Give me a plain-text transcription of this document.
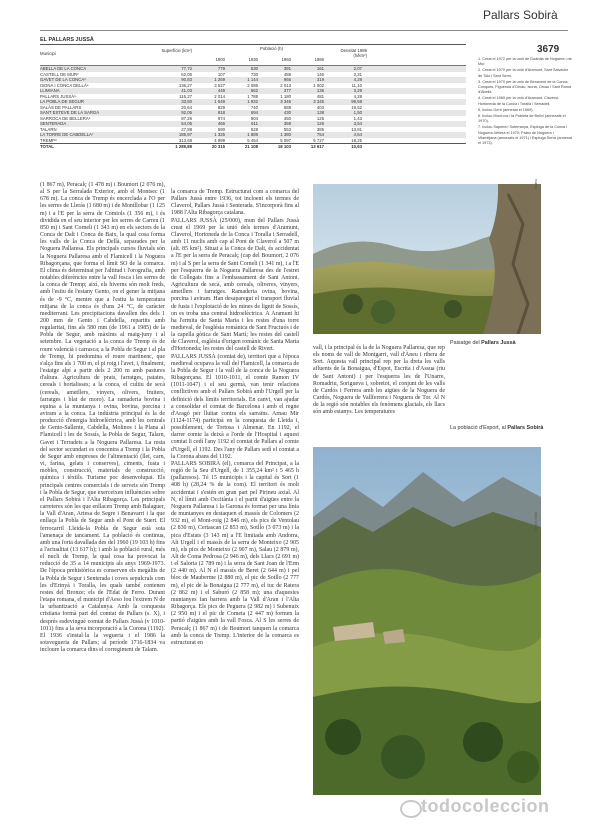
Pallars Sobirà
3679
EL PALLARS JUSSÀ
Municipi
Superfície (km²)	Població (h)
1900	1930	1960	1986
Densitat 1986 (h/km²)
ABELLA DE LA CONCA	77,72	779	530	391	161	2,07
CASTELL DE MUR²	62,05	107	730	488	146	2,31
GAVET DE LA CONCA³	90,83	1 269	1 144	966	319	4,29
ISONA I CONCA DELLÀ⁴	136,27	3 527	2 086	2 013	1 002	11,10
LLIMIANA	41,03	449	562	377	135	3,29
PALLARS JUSSÀ⁵	116,27	2 014	1 788	1 180	481	4,28
LA POBLA DE SEGUR	33,50	1 549	1 932	3 346	3 345	99,58
SALÀS DE PALLARS	20,64	829	740	688	403	19,52
SANT ESTEVE DE LA SARGA	92,05	818	694	430	138	1,50
SARROCA DE BELLERA⁶	87,26	974	904	450	125	1,43
SENTERADA	54,05	466	611	359	126	3,54
TALARN	27,88	590	528	553	385	13,81
LA TORRE DE CABDELLA⁷	185,97	1 325	1 889	1 380	754	4,54
TREMP⁸	313,68	4 899	5 454	5 097	5 727	18,25
TOTAL	1 289,89	20 315	21 108	18 103	13 617	10,63

1. Creat el 1972 per la unió de Guàrdia de Noguera i de Mur.

2. Creat el 1970 per la unió d'Aramunt, Sant Salvador de Toló i Sant Serni.

3. Creat el 1970 per la unió de Benavent de la Conca, Conques, Figuerola d'Orcau, Isona, Orcau i Sant Romà d'Abella.

4. Creat el 1969 per la unió d'Aramunt, Claverol, Hortoneda de la Conca i Toralla i Serradell.

5. Inclou Gerri (annexat el 1969).

6. Inclou Mont-ros i la Pobleta de Bellví (annexats el 1970).

7. Inclou Sapeira i Suterranya, Espluga de la Conca i Noguera-Vellerà el 1970; Palau de Noguera i Vilamitjana (annexats el 1971) i Espluga Serra (annexat el 1973).

(1 867 m), Peracalç (1 478 m) i Boumort (2 076 m), al S per la Serralada Exterior, amb el Montsec (1 678 m). La conca de Tremp és encerclada a l'O per les serres de Lleràs (1 680 m) i de Montllobar (1 125 m) i a l'E per la serra de Comiols (1 356 m), i és dividida en el seu interior per les serres de Carreu (1 850 m) i Sant Corneli (1 343 m) en els sectors de la Conca de Dalt i Conca de Baix, la qual cosa forma les valls de la Conca de Dellà, separades per la Noguera Pallaresa. Els principals cursos fluvials són la Noguera Pallaresa amb el Flamicell i la Noguera Ribagorçana, que forma el límit SO de la comarca. El clima és determinat per l'altitud i l'orografia, amb notables diferències entre la vall fosca i les serres de la conca de Tremp; així, els hiverns són molt freds, amb l'estiu de l'estany Gento, on el gener la mitjana és de -9 °C, mentre que a l'estiu la temperatura mitjana de la conca és d'uns 24 °C, de caràcter mediterrani. Les precipitacions davallen des dels 1 200 mm de Gento i Cabdella, repartits amb regularitat, fins als 580 mm (de 1961 a 1985) de la Pobla de Segur, amb màxims al maig-juny i al setembre. La vegetació a la conca de Tremp és de roure valencià i carrasca; a la Pobla de Segur i al pla de Tremp, hi predomina el roure martinenc, que s'alça fins als 1 700 m, el pi roig i l'avet, i, finalment, l'estatge alpí a partir dels 2 200 m amb pastures d'altura. Agricultura de prats, farratges, patates, cereals i hortalisses; a la conca, el cultiu de secà (cereals, ametllers, vinyers, olivers, fruiters, farratges i blat de moro). La ramaderia bovina i equina a la muntanya i ovina, bovina, porcina i aviram a la conca. La indústria principal és la de producció d'energia hidroelèctrica, amb les centrals de Gento-Sallente, Cabdella, Molinos i la Plana al Flamicell i les de Sossís, la Pobla de Segur, Talarn, Gavet i Terradets a la Noguera Pallaresa. La resta del sector secundari es concentra a Tremp i la Pobla de Segur amb empreses de l'alimentació (llet, carn, vi, farina, gelats i conserves), ciments, fusta i mobles, construcció, materials de construcció, química i tèxtils. Turisme poc desenvolupat. Els principals centres comercials i de serveis són Tremp i la Pobla de Segur, que exerceixen influències sobre el Pallars Sobirà i l'Alta Ribagorça. Les principals carreteres són les que enllacen Tremp amb Balaguer, la Vall d'Aran, Artesa de Segre i Benavarri i la que enllaça la Pobla de Segur amb el Pont de Suert. El ferrocarril Lleida-la Pobla de Segur està sota l'amenaça de tancament. La població és continua, amb una forta davallada des del 1960 (19 103 h) fins a l'actualitat (13 617 h); i amb la població rural, més el nucli de Tremp, la qual cosa ha provocat la reducció de 35 a 14 municipis als anys 1969-1973. De l'època prehistòrica es conserven els megàlits de la Pobla de Segur i Senterada i coves sepulcrals com les d'Erinyà i Toralla, les quals també contenen restes del Bronze; els de l'Edat de Ferro. Durant l'etapa romana, el municipi d'Aeso fou l'extrem N de la urbanització a Catalunya. Amb la conquesta cristiana formà part del comtat de Pallars (s. X), i després esdevingué comtat de Pallars Jussà (v 1010-1011) fins a la seva incorporació a la Corona (1192). El 1936 s'instal·la la vegueria i el 1986 la sotsvegueria de Pallars; al període 1716-1834 va incloure la comarca dins el corregiment de Talarn.

la comarca de Tremp. Estructurat com a comarca del Pallars Jussà entre 1936, tot incloent els termes de Claverol, Pallars Jussà i Senterada. S'incorporà fins al 1988 l'Alta Ribagorça catalana.

PALLARS JUSSÀ (25/000), mun del Pallars Jussà creat el 1969 per la unió dels termes d'Aramunt, Claverol, Hortoneda de la Conca i Toralla i Serradell, amb 11 nuclis amb cap al Pont de Claverol a 507 m (alt. 85 km²). Situat a la Conca de Dalt, és accidentat a l'E per la serra de Peracalç (cap del Boumort, 2 076 m) i al S per la serra de Sant Corneli (1 341 m), i a l'E per l'esquerra de la Noguera Pallaresa des de l'estret de Collegats fins a l'embassament de Sant Antoni. Agricultura de secà, amb cereals, oliveres, vinyers, ametllers i farratges. Ramaderia ovina, bovina, porcina i aviram. Han desaparegut el transport fluvial de fusta i l'explotació de les mines de lignit de Sossís, on es troba una central hidroelèctrica. A Aramunt hi ha l'ermita de Santa Maria i les restes d'una torre medieval, de l'església romànica de Sant Fructuós i de la capella gòtica de Sant Martí; les restes del castell de Claverol, església d'origen romànic de Santa Maria d'Hortoneda; les restes del castell de Rivert.

PALLARS JUSSÀ (comtat de), territori que a l'època medieval ocupava la vall del Flamicell, la comarca de la Pobla de Segur i la vall de la conca de la Noguera Ribagorçana. El 1010-1011, el comte Ramon IV (1011-1047) i el seu germà, van tenir relacions conflictives amb el Pallars Sobirà amb l'Urgell per la definició dels límits territorials. En canvi, van ajudar a consolidar el comtat de Barcelona i amb el regne d'Aragó per lluitar contra els sarraïns. Arnau Mir (1124-1174) participà en la conquesta de Lleida i, possiblement, de Tortosa i Almenar. En 1192, el darrer comte la deixà a l'orde de l'Hospital i aquest comtat li cedí l'any 1192 el comtat de Pallars al comte d'Urgell, el 1192. Des l'any de Pallars sedí el comtat a la Corona abans del 1192.

PALLARS SOBIRÀ (el), comarca del Principat, a la regió de la Seu d'Urgell, de 1 355,24 km² i 5 465 h (pallaresos). Té 15 municipis i la capital és Sort (1 408 h) (28,24 % de la com). El territori és molt accidentat i s'estén en gran part pel Pirineu axial. Al N, el límit amb Occitània i el partit d'aigües entre la Noguera Pallaresa i la Garona és format per una línia de muntanyes en destaquen el massís de Colomers (2 932 m), el Mont-roig (2 846 m), els pics de Ventolau (2 830 m), Certascan (2 853 m), Sotllo (3 073 m) i la pica d'Estats (3 143 m) a l'E limitada amb Andorra, Alt Urgell i el massís de la serra de Monteixo (2 905 m), els pics de Monteixo (2 907 m), Salau (2 879 m), Alt de Coma Pedrosa (2 946 m), dels Llacs (2 691 m) i el Saloria (2 789 m) i la serra de Sant Joan de l'Erm (2 440 m). Al N el massís de Beret (2 644 m) i pel bloc de Mauberme (2 880 m), el pic de Sotllo (2 777 m), el pic de la Bonaigua (2 777 m), el tuc de Ratera (2 862 m) i el Saburó (2 858 m); una d'aquestes muntanyes fan barrera amb la Vall d'Aran i l'Alta Ribagorça. Els pics de Peguera (2 982 m) i Subenuix (2 950 m) i el pic de Cometa (2 447 m) formen la partió d'aigües amb la vall Fosca. Al S les serres de Peracalç (1 867 m) i de Boumort tanquen la comarca amb la conca de Tremp. L'interior de la comarca es estructurat en

vall, i la principal és la de la Noguera Pallaresa, que rep els noms de vall de Montgarri, vall d'Àneu i ribera de Sort. Aquesta vall principal rep per la dreta les valls afluents de la Bonaigua, d'Espot, Escrita i d'Assua (riu de Sant Antoni) i per l'esquerra les de l'Unarre, Romadriu, Sorigueva i, sobretot, el conjunt de les valls de Cardós i Ferrera amb les aigües de la Noguera de Cardós, Noguera de Vallferrera i Noguera de Tor. Al N de la regió són notables els fenòmens glacials, els llacs són amb estanys. Les temperatures

Index
Paisatge del Pallars Jussà
Antoni Miró
La població d'Esport, al Pallars Sobirà
todocoleccion
